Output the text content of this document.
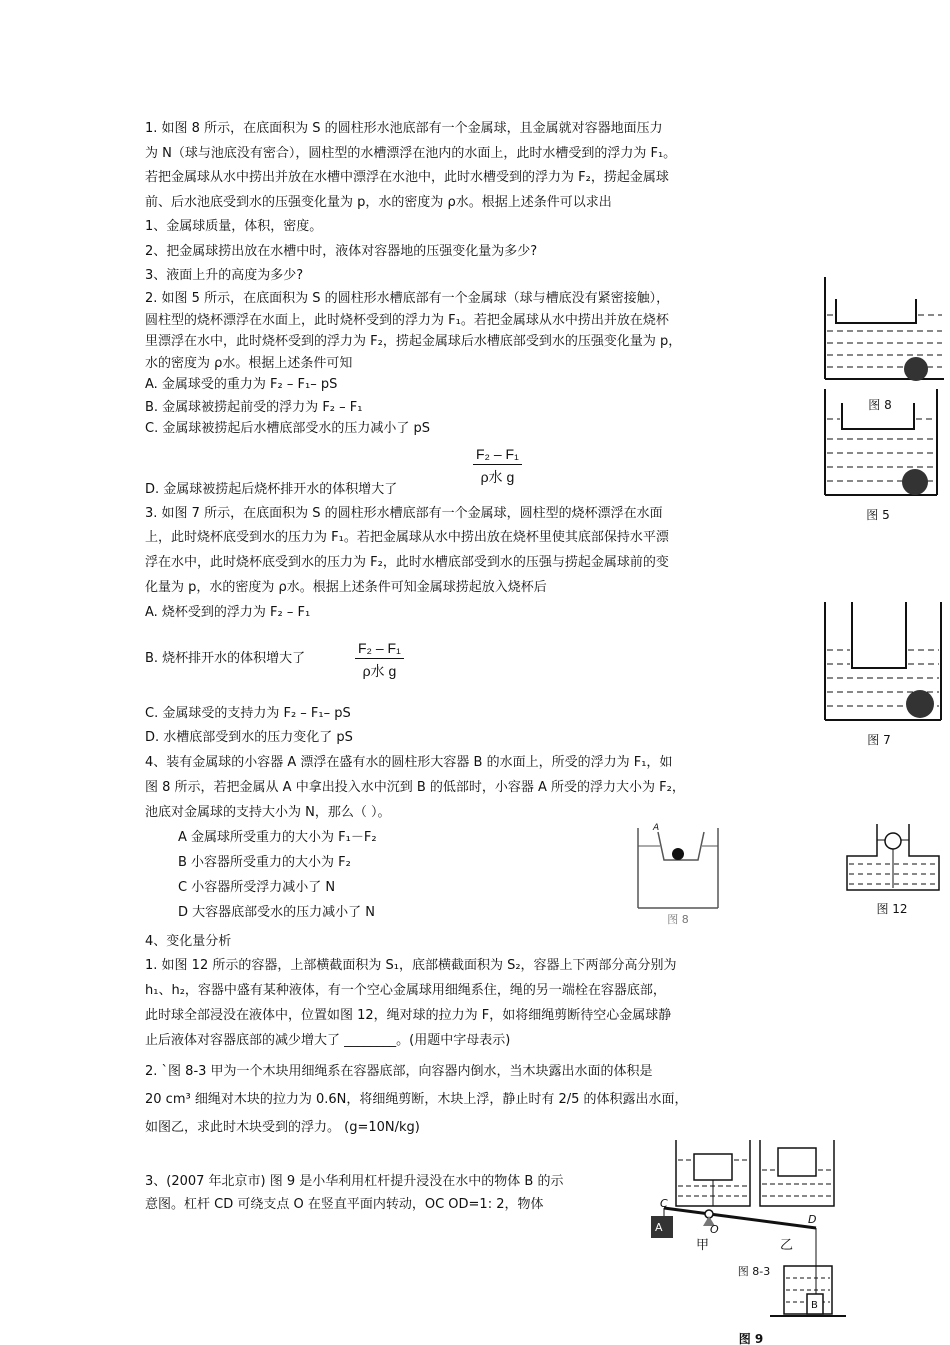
1. 如图 8 所示，在底面积为 S 的圆柱形水池底部有一个金属球，且金属就对容器地面压力
为 N（球与池底没有密合），圆柱型的水槽漂浮在池内的水面上，此时水槽受到的浮力为 F₁。
若把金属球从水中捞出并放在水槽中漂浮在水池中，此时水槽受到的浮力为 F₂，捞起金属球
前、后水池底受到水的压强变化量为 p，水的密度为 ρ水。根据上述条件可以求出
1、金属球质量，体积，密度。
2、把金属球捞出放在水槽中时，液体对容器地的压强变化量为多少?
3、液面上升的高度为多少?
2. 如图 5 所示，在底面积为 S 的圆柱形水槽底部有一个金属球（球与槽底没有紧密接触），
圆柱型的烧杯漂浮在水面上，此时烧杯受到的浮力为 F₁。若把金属球从水中捞出并放在烧杯
里漂浮在水中，此时烧杯受到的浮力为 F₂，捞起金属球后水槽底部受到水的压强变化量为 p，
水的密度为 ρ水。根据上述条件可知
A. 金属球受的重力为 F₂ – F₁– pS
B. 金属球被捞起前受的浮力为 F₂ – F₁
C. 金属球被捞起后水槽底部受水的压力减小了 pS
D. 金属球被捞起后烧杯排开水的体积增大了
3. 如图 7 所示，在底面积为 S 的圆柱形水槽底部有一个金属球，圆柱型的烧杯漂浮在水面
上，此时烧杯底受到水的压力为 F₁。若把金属球从水中捞出放在烧杯里使其底部保持水平漂
浮在水中，此时烧杯底受到水的压力为 F₂，此时水槽底部受到水的压强与捞起金属球前的变
化量为 p，水的密度为 ρ水。根据上述条件可知金属球捞起放入烧杯后
A. 烧杯受到的浮力为 F₂ – F₁
B. 烧杯排开水的体积增大了
C. 金属球受的支持力为 F₂ – F₁– pS
D. 水槽底部受到水的压力变化了 pS
4、装有金属球的小容器 A 漂浮在盛有水的圆柱形大容器 B 的水面上，所受的浮力为 F₁，如
图 8 所示，若把金属从 A 中拿出投入水中沉到 B 的低部时，小容器 A 所受的浮力大小为 F₂，
池底对金属球的支持大小为 N，那么（ ）。
A 金属球所受重力的大小为 F₁－F₂
B 小容器所受重力的大小为 F₂
C 小容器所受浮力减小了 N
D 大容器底部受水的压力减小了 N
4、变化量分析
1. 如图 12 所示的容器，上部横截面积为 S₁，底部横截面积为 S₂，容器上下两部分高分别为
h₁、h₂，容器中盛有某种液体，有一个空心金属球用细绳系住，绳的另一端栓在容器底部，
此时球全部浸没在液体中，位置如图 12，绳对球的拉力为 F，如将细绳剪断待空心金属球静
止后液体对容器底部的减少增大了 ________。(用题中字母表示)
2. `图 8-3 甲为一个木块用细绳系在容器底部，向容器内倒水，当木块露出水面的体积是
20 cm³ 细绳对木块的拉力为 0.6N，将细绳剪断，木块上浮，静止时有 2/5 的体积露出水面，
如图乙，求此时木块受到的浮力。 (g=10N/kg)
3、(2007 年北京市) 图 9 是小华利用杠杆提升浸没在水中的物体 B 的示
意图。杠杆 CD 可绕支点 O 在竖直平面内转动，OC OD=1: 2，物体
F₂ – F₁
ρ水 g
F₂ – F₁
ρ水 g
图 8
图 5
图 7
A
图 8
图 12
C
O
D
A
B
甲	乙
图 8-3
图 9
